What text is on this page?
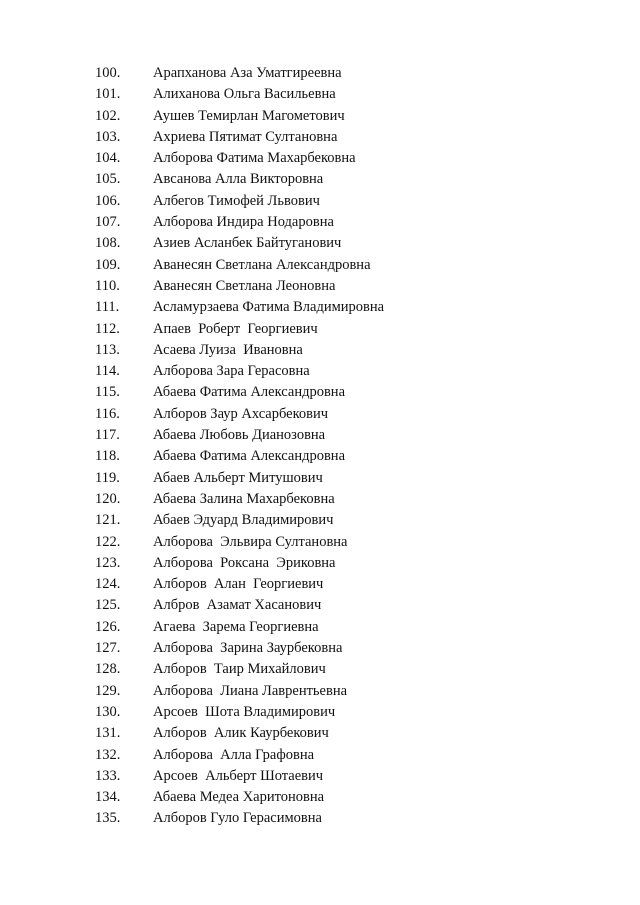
100.	Арапханова Аза Уматгиреевна
101.	Алиханова Ольга Васильевна
102.	Аушев Темирлан Магометович
103.	Ахриева Пятимат Султановна
104.	Алборова Фатима Махарбековна
105.	Авсанова Алла Викторовна
106.	Албегов Тимофей Львович
107.	Алборова Индира Нодаровна
108.	Азиев Асланбек Байтуганович
109.	Аванесян Светлана Александровна
110.	Аванесян Светлана Леоновна
111.	Асламурзаева Фатима Владимировна
112.	Апаев  Роберт  Георгиевич
113.	Асаева Луиза  Ивановна
114.	Алборова Зара Герасовна
115.	Абаева Фатима Александровна
116.	Алборов Заур Ахсарбекович
117.	Абаева Любовь Дианозовна
118.	Абаева Фатима Александровна
119.	Абаев Альберт Митушович
120.	Абаева Залина Махарбековна
121.	Абаев Эдуард Владимирович
122.	Алборова  Эльвира Султановна
123.	Алборова  Роксана  Эриковна
124.	Алборов  Алан  Георгиевич
125.	Албров  Азамат Хасанович
126.	Агаева  Зарема Георгиевна
127.	Алборова  Зарина Заурбековна
128.	Алборов  Таир Михайлович
129.	Алборова  Лиана Лаврентьевна
130.	Арсоев  Шота Владимирович
131.	Алборов  Алик Каурбекович
132.	Алборова  Алла Графовна
133.	Арсоев  Альберт Шотаевич
134.	Абаева Медеа Харитоновна
135.	Алборов Гуло Герасимовна
